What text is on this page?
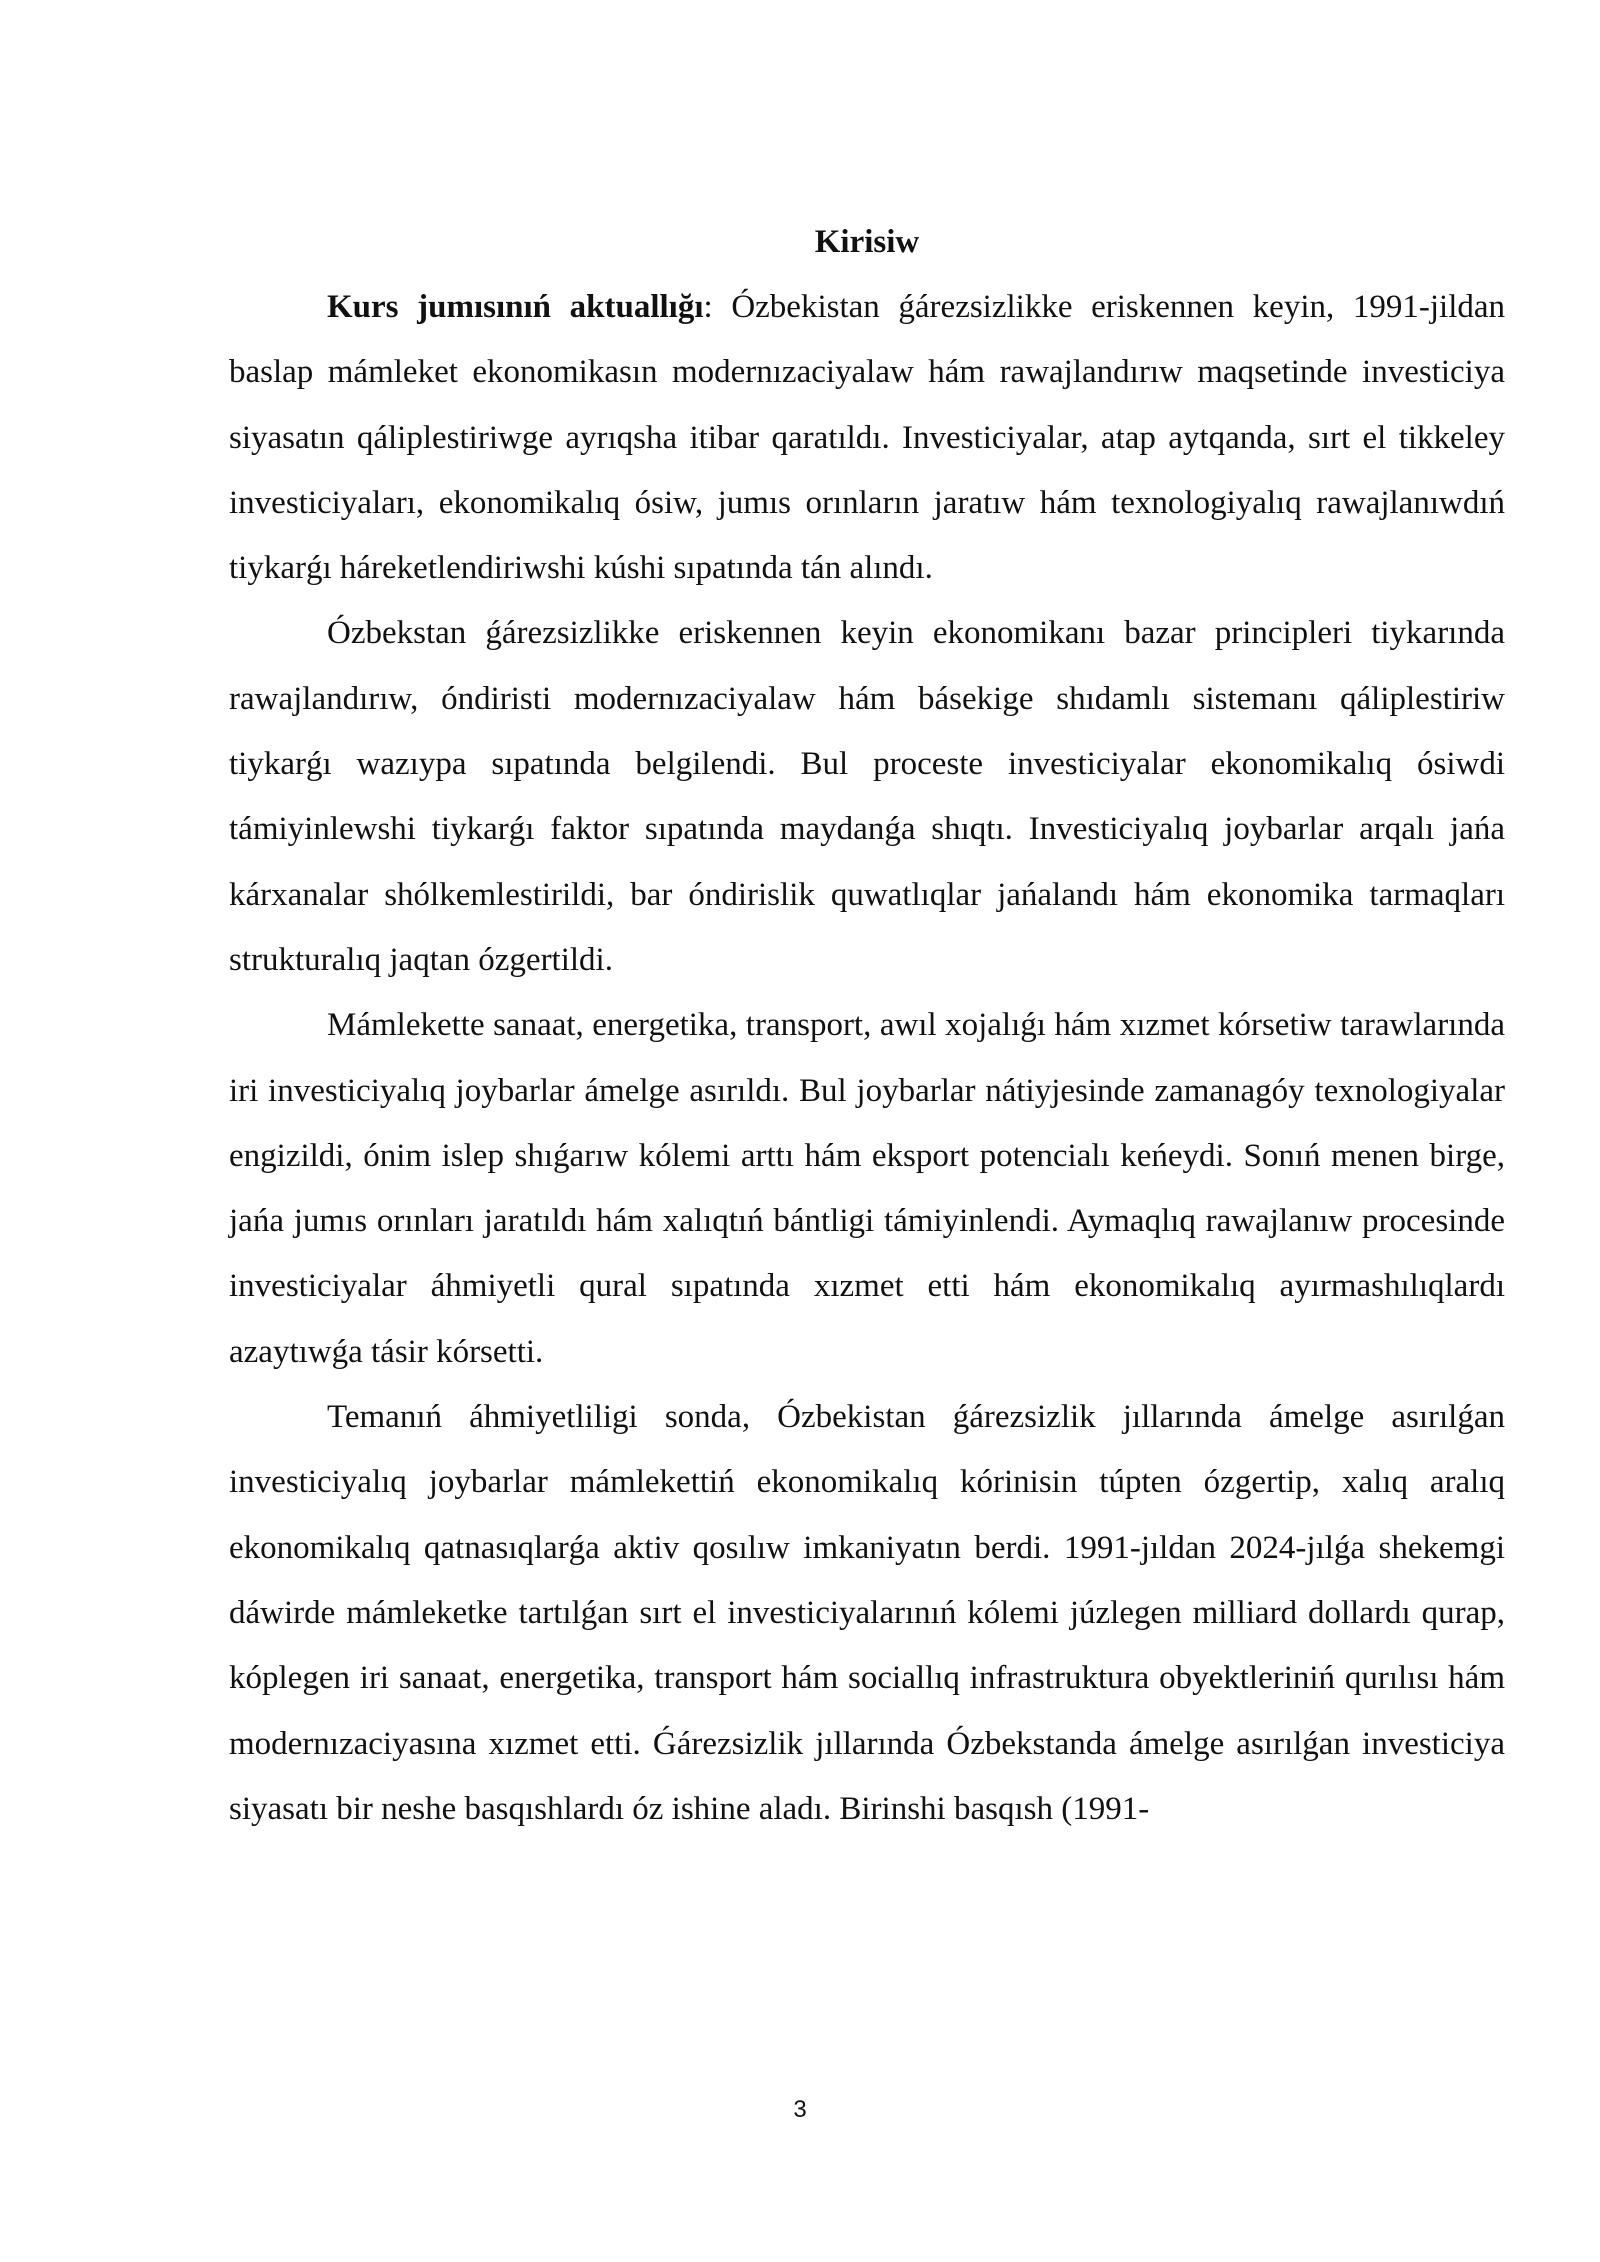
Kirisiw

Kurs jumısınıń aktuallığı: Ózbekistan ǵárezsizlikke eriskennen keyin, 1991-jildan baslap mámleket ekonomikasın modernızaciyalaw hám rawajlandırıw maqsetinde investiciya siyasatın qáliplestiriwge ayrıqsha itibar qaratıldı. Investiciyalar, atap aytqanda, sırt el tikkeley investiciyaları, ekonomikalıq ósiw, jumıs orınların jaratıw hám texnologiyalıq rawajlanıwdıń tiykarǵı háreketlendiriwshi kúshi sıpatında tán alındı.

Ózbekstan ǵárezsizlikke eriskennen keyin ekonomikanı bazar principleri tiykarında rawajlandırıw, óndiristi modernızaciyalaw hám básekige shıdamlı sistemanı qáliplestiriw tiykarǵı wazıypa sıpatında belgilendi. Bul proceste investiciyalar ekonomikalıq ósiwdi támiyinlewshi tiykarǵı faktor sıpatında maydanǵa shıqtı. Investiciyalıq joybarlar arqalı jańa kárxanalar shólkemlestirildi, bar óndirislik quwatlıqlar jańalandı hám ekonomika tarmaqları strukturalıq jaqtan ózgertildi.

Mámlekette sanaat, energetika, transport, awıl xojalıǵı hám xızmet kórsetiw tarawlarında iri investiciyalıq joybarlar ámelge asırıldı. Bul joybarlar nátiyjesinde zamanagóy texnologiyalar engizildi, ónim islep shıǵarıw kólemi arttı hám eksport potencialı keńeydi. Sonıń menen birge, jańa jumıs orınları jaratıldı hám xalıqtıń bántligi támiyinlendi. Aymaqlıq rawajlanıw procesinde investiciyalar áhmiyetli qural sıpatında xızmet etti hám ekonomikalıq ayırmashılıqlardı azaytıwǵa tásir kórsetti.

Temanıń áhmiyetliligi sonda, Ózbekistan ǵárezsizlik jıllarında ámelge asırılǵan investiciyalıq joybarlar mámlekettiń ekonomikalıq kórinisin túpten ózgertip, xalıq aralıq ekonomikalıq qatnasıqlarǵa aktiv qosılıw imkaniyatın berdi. 1991-jıldan 2024-jılǵa shekemgi dáwirde mámleketke tartılǵan sırt el investiciyalarınıń kólemi júzlegen milliard dollardı qurap, kóplegen iri sanaat, energetika, transport hám sociallıq infrastruktura obyektleriniń qurılısı hám modernızaciyasına xızmet etti. Ǵárezsizlik jıllarında Ózbekstanda ámelge asırılǵan investiciya siyasatı bir neshe basqıshlardı óz ishine aladı. Birinshi basqısh (1991-

3
